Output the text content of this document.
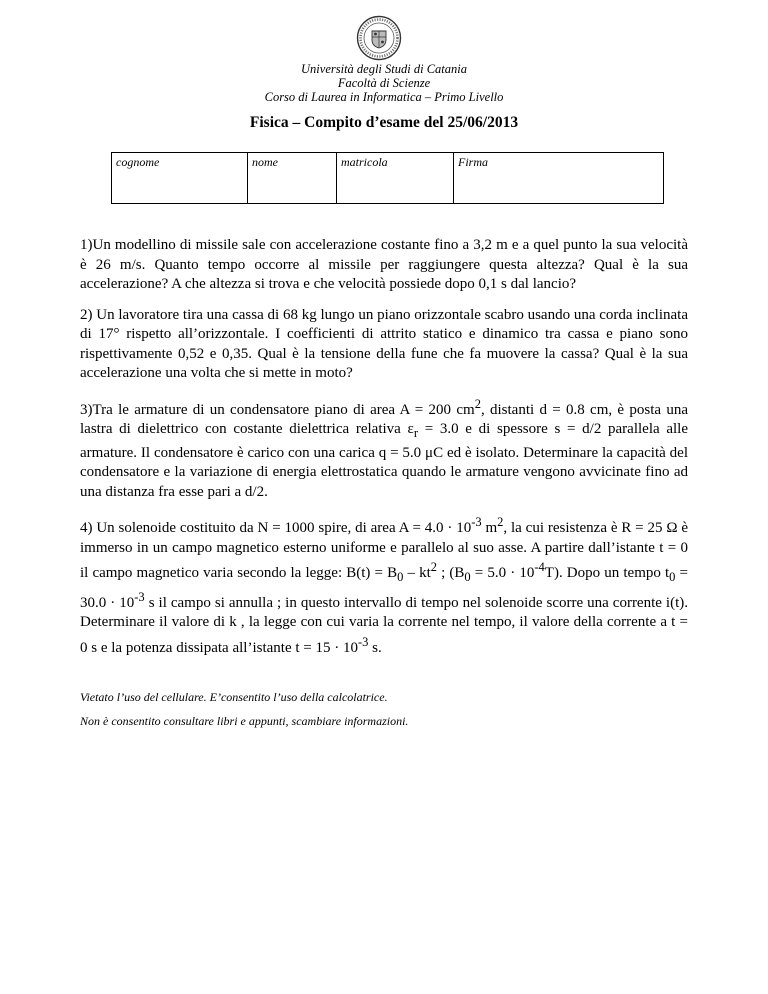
Università degli Studi di Catania
Facoltà di Scienze
Corso di Laurea in Informatica – Primo Livello
Fisica – Compito d’esame del 25/06/2013
cognome	nome	matricola	Firma

1)Un modellino di missile sale con accelerazione costante fino a 3,2 m e a quel punto la sua velocità è 26 m/s. Quanto tempo occorre al missile per raggiungere questa altezza? Qual è la sua accelerazione? A che altezza si trova e che velocità possiede dopo 0,1 s dal lancio?

2) Un lavoratore tira una cassa di 68 kg lungo un piano orizzontale scabro usando una corda inclinata di 17° rispetto all’orizzontale. I coefficienti di attrito statico e dinamico tra cassa e piano sono rispettivamente 0,52 e 0,35. Qual è la tensione della fune che fa muovere la cassa? Qual è la sua accelerazione una volta che si mette in moto?

3)Tra le armature di un condensatore piano di area A = 200 $cm^2$, distanti d = 0.8 cm, è posta una lastra di dielettrico con costante dielettrica relativa $\varepsilon_r = 3.0$ e di spessore s = d/2 parallela alle armature. Il condensatore è carico con una carica q = 5.0 μC ed è isolato. Determinare la capacità del condensatore e la variazione di energia elettrostatica quando le armature vengono avvicinate fino ad una distanza fra esse pari a d/2.

4) Un solenoide costituito da N = 1000 spire, di area $A = 4.0 \cdot 10^{-3}$ $m^2$, la cui resistenza è R = 25 Ω è immerso in un campo magnetico esterno uniforme e parallelo al suo asse. A partire dall’istante t = 0 il campo magnetico varia secondo la legge: $B(t) = B_0 - kt^2$ ; $(B_0 = 5.0 \cdot 10^{-4}T)$. Dopo un tempo $t_0 = 30.0 \cdot 10^{-3}$ s il campo si annulla ; in questo intervallo di tempo nel solenoide scorre una corrente i(t). Determinare il valore di k , la legge con cui varia la corrente nel tempo, il valore della corrente a t = 0 s e la potenza dissipata all’istante $t = 15 \cdot 10^{-3}$ s.

Vietato l’uso del cellulare. E’consentito l’uso della calcolatrice.

Non è consentito consultare libri e appunti, scambiare informazioni.
